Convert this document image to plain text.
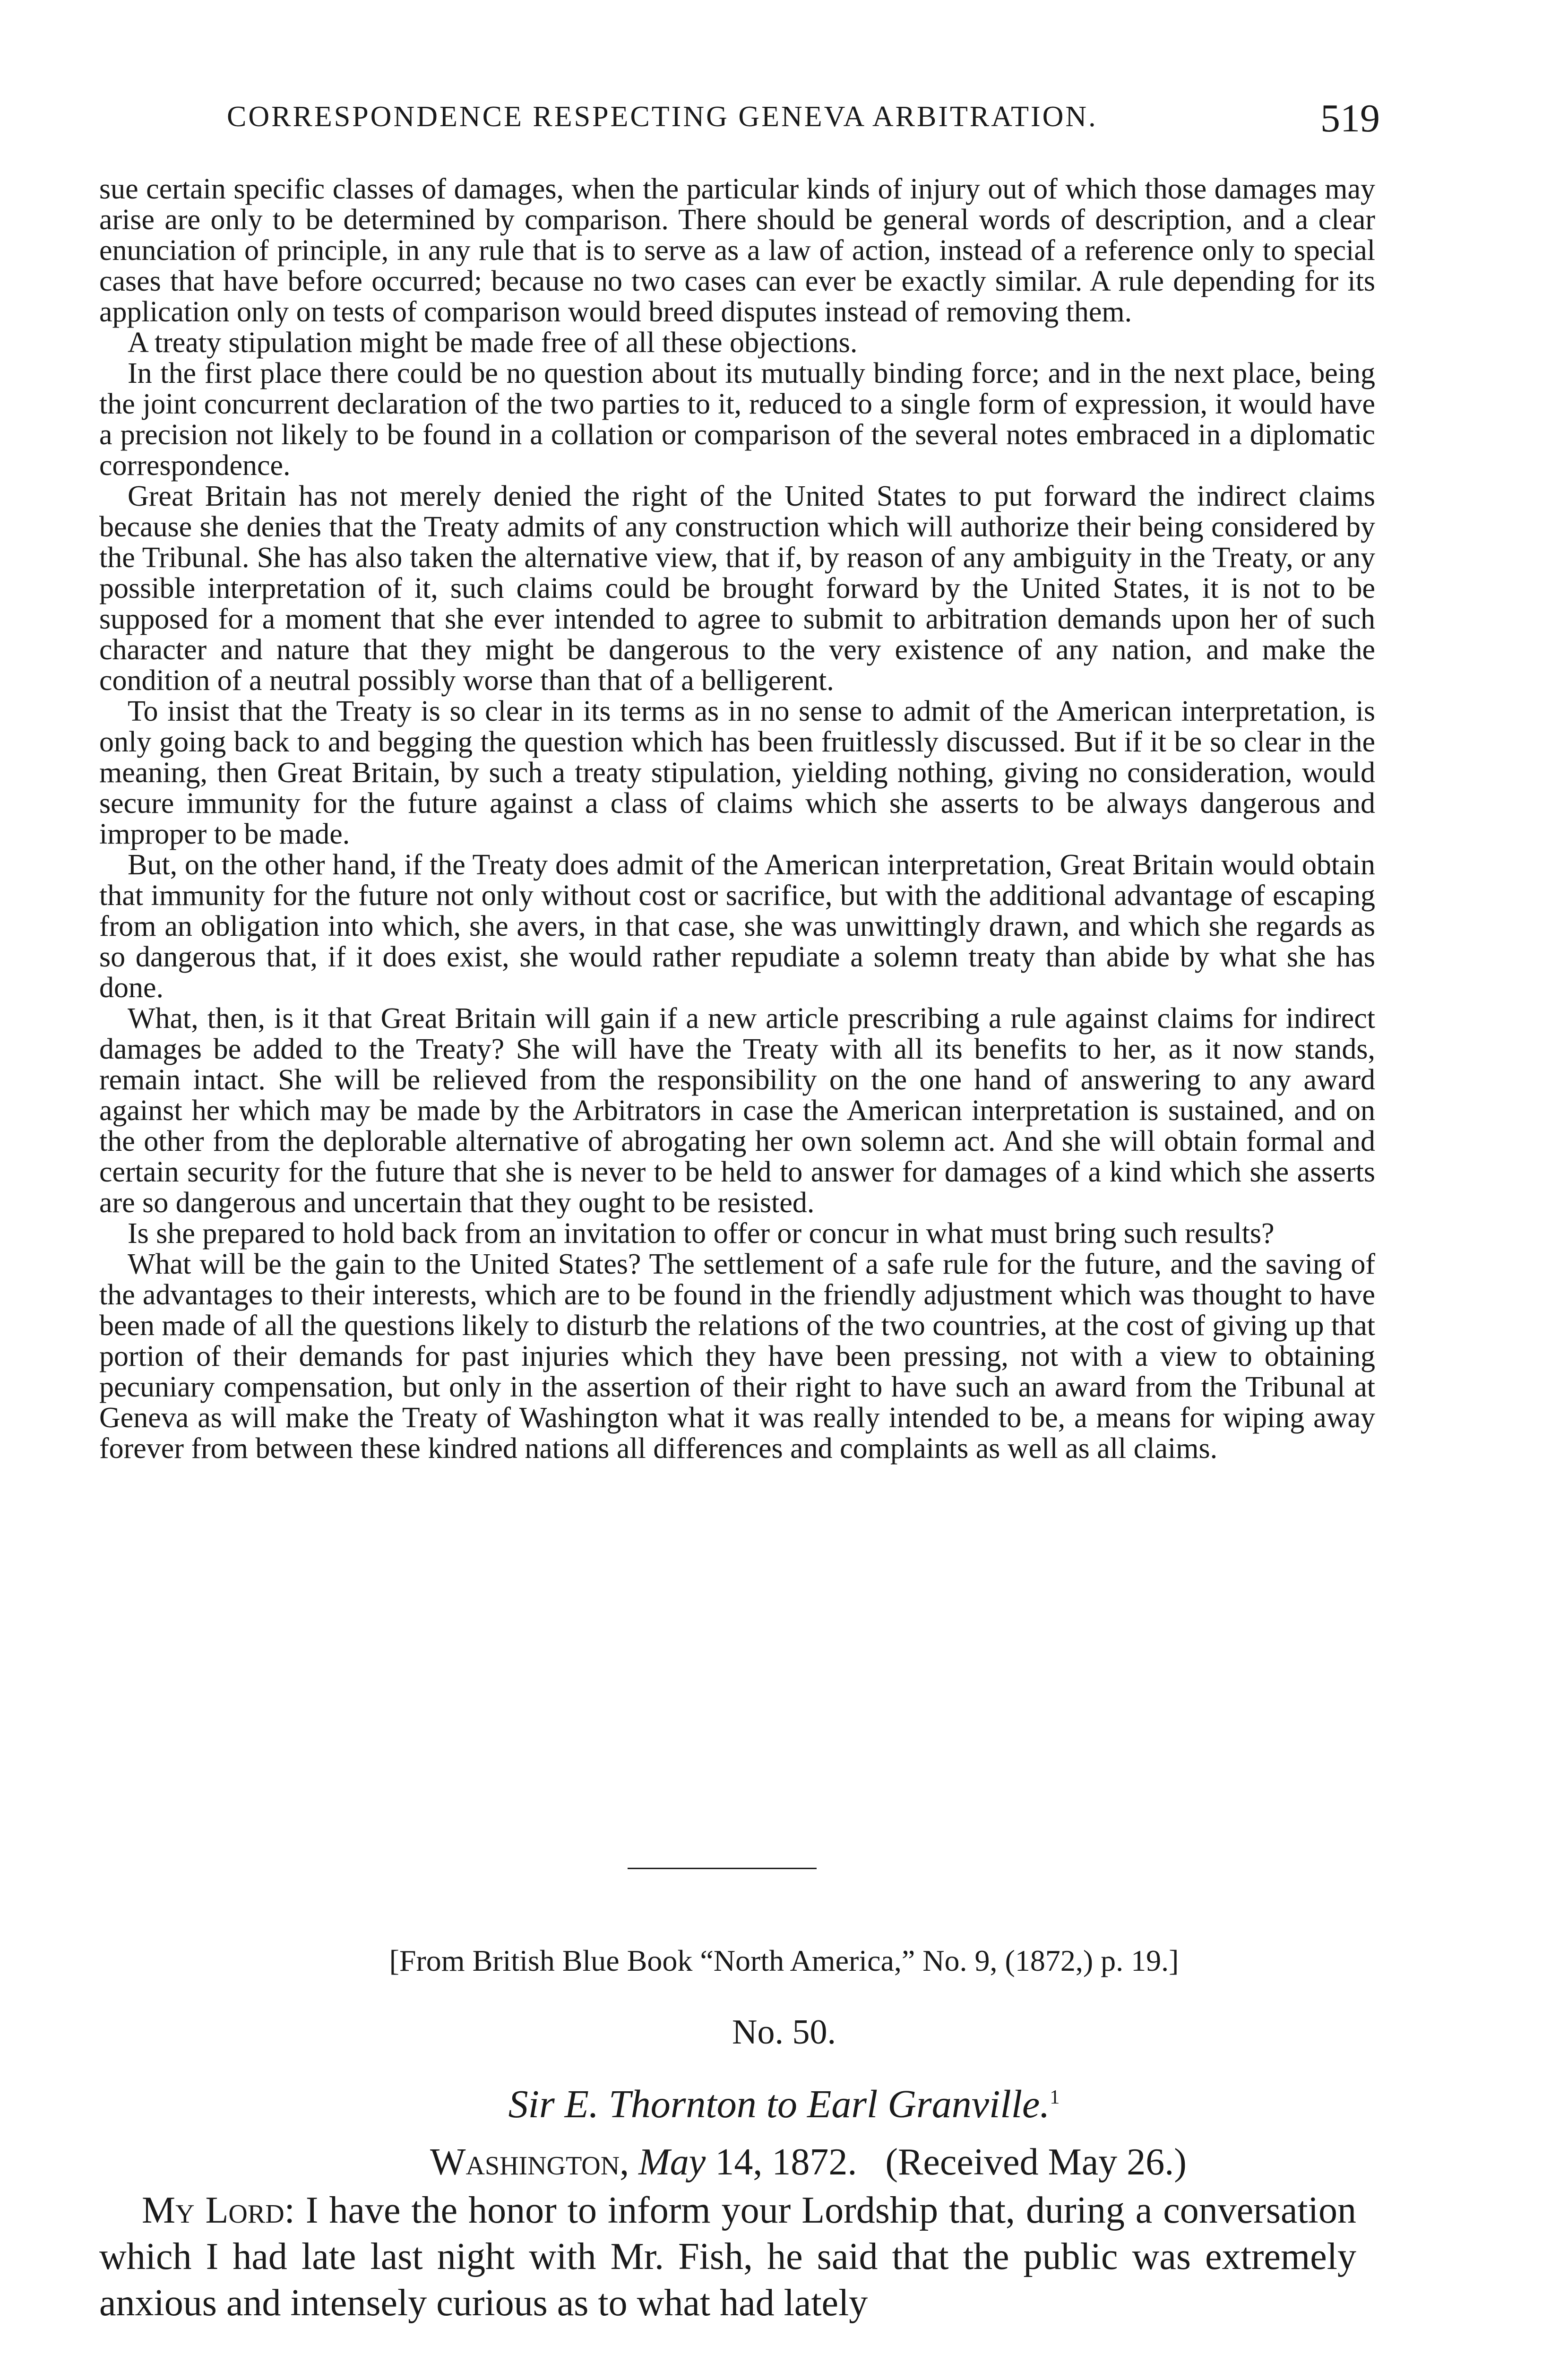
CORRESPONDENCE RESPECTING GENEVA ARBITRATION.	519

sue certain specific classes of damages, when the particular kinds of injury out of which those damages may arise are only to be determined by comparison. There should be general words of description, and a clear enunciation of principle, in any rule that is to serve as a law of action, instead of a reference only to special cases that have before occurred; because no two cases can ever be exactly similar. A rule depending for its application only on tests of comparison would breed disputes instead of removing them.

A treaty stipulation might be made free of all these objections.

In the first place there could be no question about its mutually binding force; and in the next place, being the joint concurrent declaration of the two parties to it, reduced to a single form of expression, it would have a precision not likely to be found in a collation or comparison of the several notes embraced in a diplomatic correspondence.

Great Britain has not merely denied the right of the United States to put forward the indirect claims because she denies that the Treaty admits of any construction which will authorize their being considered by the Tribunal. She has also taken the alternative view, that if, by reason of any ambiguity in the Treaty, or any possible interpretation of it, such claims could be brought forward by the United States, it is not to be supposed for a moment that she ever intended to agree to submit to arbitration demands upon her of such character and nature that they might be dangerous to the very existence of any nation, and make the condition of a neutral possibly worse than that of a belligerent.

To insist that the Treaty is so clear in its terms as in no sense to admit of the American interpretation, is only going back to and begging the question which has been fruitlessly discussed. But if it be so clear in the meaning, then Great Britain, by such a treaty stipulation, yielding nothing, giving no consideration, would secure immunity for the future against a class of claims which she asserts to be always dangerous and improper to be made.

But, on the other hand, if the Treaty does admit of the American interpretation, Great Britain would obtain that immunity for the future not only without cost or sacrifice, but with the additional advantage of escaping from an obligation into which, she avers, in that case, she was unwittingly drawn, and which she regards as so dangerous that, if it does exist, she would rather repudiate a solemn treaty than abide by what she has done.

What, then, is it that Great Britain will gain if a new article prescribing a rule against claims for indirect damages be added to the Treaty? She will have the Treaty with all its benefits to her, as it now stands, remain intact. She will be relieved from the responsibility on the one hand of answering to any award against her which may be made by the Arbitrators in case the American interpretation is sustained, and on the other from the deplorable alternative of abrogating her own solemn act. And she will obtain formal and certain security for the future that she is never to be held to answer for damages of a kind which she asserts are so dangerous and uncertain that they ought to be resisted.

Is she prepared to hold back from an invitation to offer or concur in what must bring such results?

What will be the gain to the United States? The settlement of a safe rule for the future, and the saving of the advantages to their interests, which are to be found in the friendly adjustment which was thought to have been made of all the questions likely to disturb the relations of the two countries, at the cost of giving up that portion of their demands for past injuries which they have been pressing, not with a view to obtaining pecuniary compensation, but only in the assertion of their right to have such an award from the Tribunal at Geneva as will make the Treaty of Washington what it was really intended to be, a means for wiping away forever from between these kindred nations all differences and complaints as well as all claims.

[From British Blue Book “North America,” No. 9, (1872,) p. 19.]
No. 50.
Sir E. Thornton to Earl Granville.$^1$
Washington, May 14, 1872. (Received May 26.)

My Lord: I have the honor to inform your Lordship that, during a conversation which I had late last night with Mr. Fish, he said that the public was extremely anxious and intensely curious as to what had lately
